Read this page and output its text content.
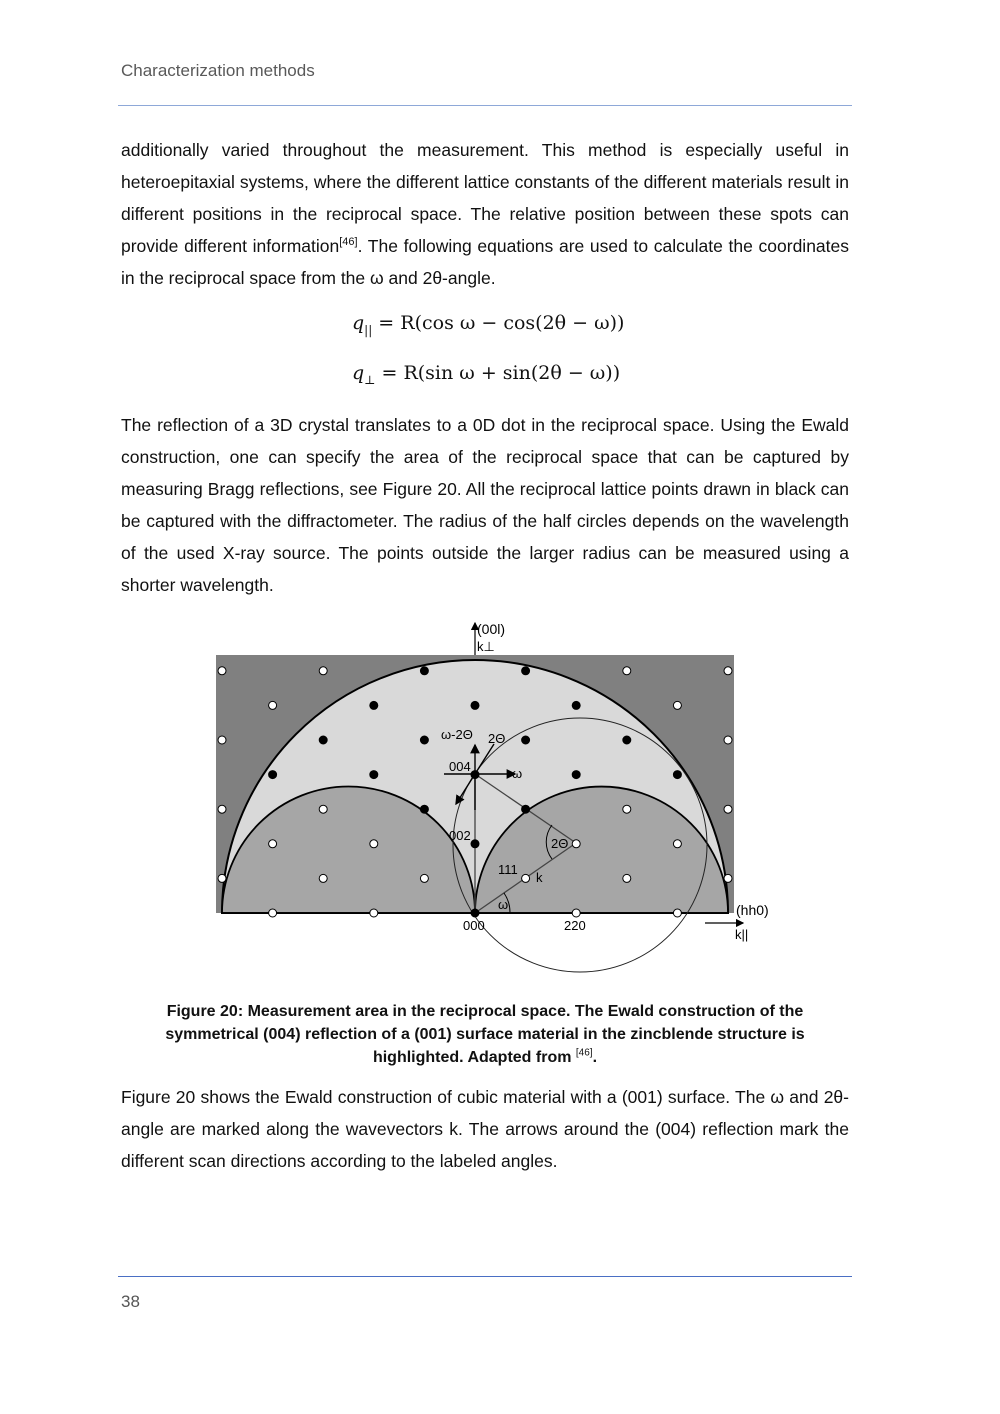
Characterization methods

additionally varied throughout the measurement. This method is especially useful in heteroepitaxial systems, where the different lattice constants of the different materials result in different positions in the reciprocal space. The relative position between these spots can provide different information[46]. The following equations are used to calculate the coordinates in the reciprocal space from the ω and 2θ-angle.

$q_{||} = R(\cos$ ω − cos(2θ − ω))
$q_\perp = R(\sin$ ω + sin(2θ − ω))

The reflection of a 3D crystal translates to a 0D dot in the reciprocal space. Using the Ewald construction, one can specify the area of the reciprocal space that can be captured by measuring Bragg reflections, see Figure 20. All the reciprocal lattice points drawn in black can be captured with the diffractometer. The radius of the half circles depends on the wavelength of the used X-ray source. The points outside the larger radius can be measured using a shorter wavelength.

(00l)
k⊥
(hh0)
k||
ω-2Θ 2Θ
004	ω
002
2Θ
111
k
ω
000	220

Figure 20: Measurement area in the reciprocal space. The Ewald construction of the symmetrical (004) reflection of a (001) surface material in the zincblende structure is highlighted. Adapted from [46].

Figure 20 shows the Ewald construction of cubic material with a (001) surface. The ω and 2θ-angle are marked along the wavevectors k. The arrows around the (004) reflection mark the different scan directions according to the labeled angles.

38
